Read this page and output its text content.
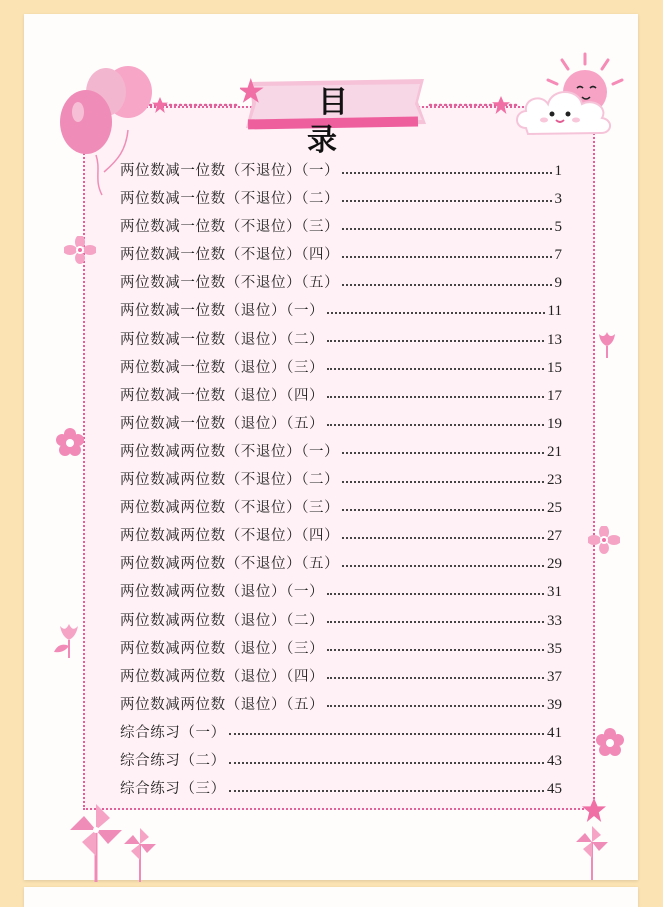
目　录
两位数减一位数（不退位）（一）	1
两位数减一位数（不退位）（二）	3
两位数减一位数（不退位）（三）	5
两位数减一位数（不退位）（四）	7
两位数减一位数（不退位）（五）	9
两位数减一位数（退位）（一）	11
两位数减一位数（退位）（二）	13
两位数减一位数（退位）（三）	15
两位数减一位数（退位）（四）	17
两位数减一位数（退位）（五）	19
两位数减两位数（不退位）（一）	21
两位数减两位数（不退位）（二）	23
两位数减两位数（不退位）（三）	25
两位数减两位数（不退位）（四）	27
两位数减两位数（不退位）（五）	29
两位数减两位数（退位）（一）	31
两位数减两位数（退位）（二）	33
两位数减两位数（退位）（三）	35
两位数减两位数（退位）（四）	37
两位数减两位数（退位）（五）	39
综合练习（一）	41
综合练习（二）	43
综合练习（三）	45
